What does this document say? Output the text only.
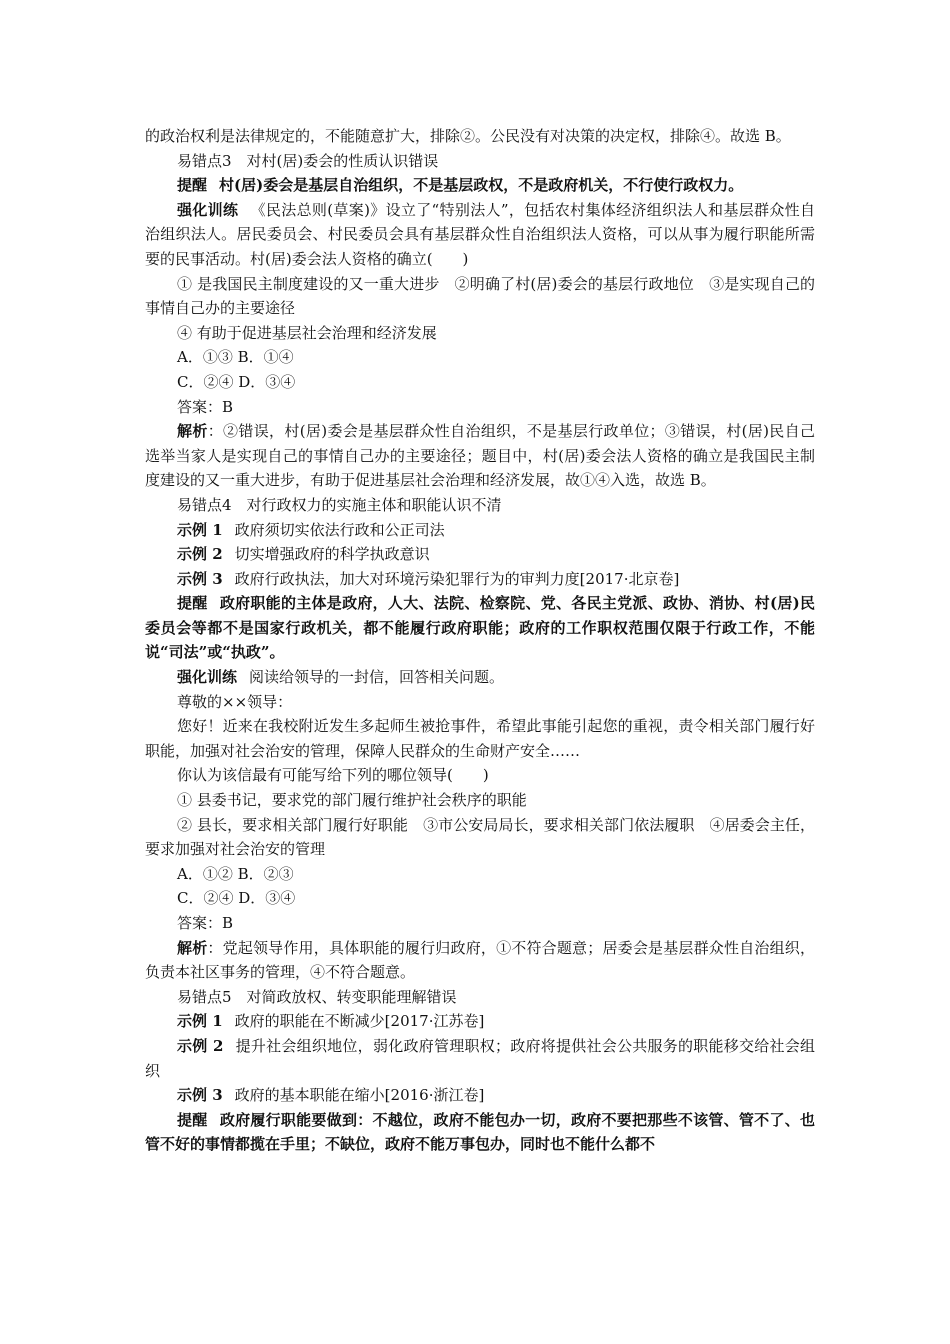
的政治权利是法律规定的，不能随意扩大，排除②。公民没有对决策的决定权，排除④。故选 B。

易错点3　对村(居)委会的性质认识错误

提醒 村(居)委会是基层自治组织，不是基层政权，不是政府机关，不行使行政权力。

强化训练 《民法总则(草案)》设立了“特别法人”，包括农村集体经济组织法人和基层群众性自治组织法人。居民委员会、村民委员会具有基层群众性自治组织法人资格，可以从事为履行职能所需要的民事活动。村(居)委会法人资格的确立(　　)

① 是我国民主制度建设的又一重大进步　②明确了村(居)委会的基层行政地位　③是实现自己的事情自己办的主要途径

④ 有助于促进基层社会治理和经济发展

A．①③ B．①④

C．②④ D．③④

答案：B

解析：②错误，村(居)委会是基层群众性自治组织，不是基层行政单位；③错误，村(居)民自己选举当家人是实现自己的事情自己办的主要途径；题目中，村(居)委会法人资格的确立是我国民主制度建设的又一重大进步，有助于促进基层社会治理和经济发展，故①④入选，故选 B。

易错点4　对行政权力的实施主体和职能认识不清

示例 1 政府须切实依法行政和公正司法

示例 2 切实增强政府的科学执政意识

示例 3 政府行政执法，加大对环境污染犯罪行为的审判力度[2017·北京卷]

提醒 政府职能的主体是政府，人大、法院、检察院、党、各民主党派、政协、消协、村(居)民委员会等都不是国家行政机关，都不能履行政府职能；政府的工作职权范围仅限于行政工作，不能说“司法”或“执政”。

强化训练 阅读给领导的一封信，回答相关问题。

尊敬的××领导：

您好！近来在我校附近发生多起师生被抢事件，希望此事能引起您的重视，责令相关部门履行好职能，加强对社会治安的管理，保障人民群众的生命财产安全……

你认为该信最有可能写给下列的哪位领导(　　)

① 县委书记，要求党的部门履行维护社会秩序的职能

② 县长，要求相关部门履行好职能　③市公安局局长，要求相关部门依法履职　④居委会主任，要求加强对社会治安的管理

A．①② B．②③

C．②④ D．③④

答案：B

解析：党起领导作用，具体职能的履行归政府，①不符合题意；居委会是基层群众性自治组织，负责本社区事务的管理，④不符合题意。

易错点5　对简政放权、转变职能理解错误

示例 1 政府的职能在不断减少[2017·江苏卷]

示例 2 提升社会组织地位，弱化政府管理职权；政府将提供社会公共服务的职能移交给社会组织

示例 3 政府的基本职能在缩小[2016·浙江卷]

提醒 政府履行职能要做到：不越位，政府不能包办一切，政府不要把那些不该管、管不了、也管不好的事情都揽在手里；不缺位，政府不能万事包办，同时也不能什么都不
